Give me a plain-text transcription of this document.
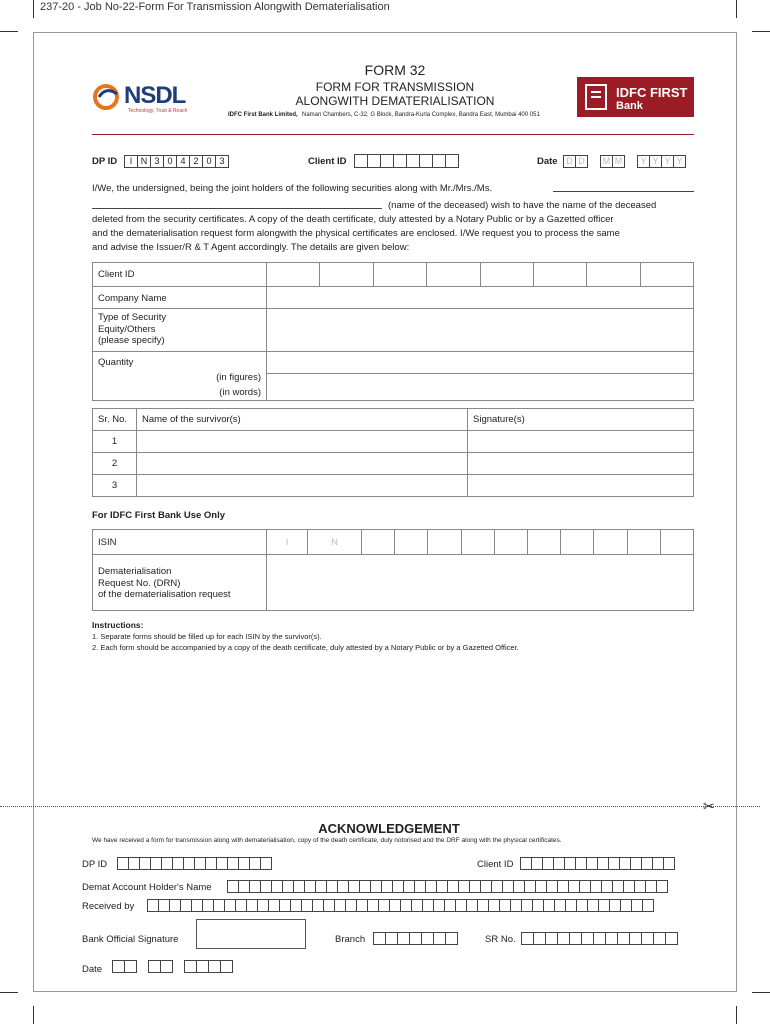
237-20 - Job No-22-Form For Transmission Alongwith Dematerialisation
NSDL
Technology, Trust & Reach
IDFC FIRST
Bank
FORM 32
FORM FOR TRANSMISSION
ALONGWITH DEMATERIALISATION
IDFC First Bank Limited, Naman Chambers, C-32, G Block, Bandra-Kurla Complex, Bandra East, Mumbai 400 051
DP ID	I N 3 0 4 2 0 3	Client ID	Date D D	M M	Y Y Y Y
I/We, the undersigned, being the joint holders of the following securities along with Mr./Mrs./Ms.
(name of the deceased) wish to have the name of the deceased
deleted from the security certificates. A copy of the death certificate, duly attested by a Notary Public or by a Gazetted officer
and the dematerialisation request form alongwith the physical certificates are enclosed. I/We request you to process the same
and advise the Issuer/R & T Agent accordingly. The details are given below:
Client ID								
Company Name								

Type of Security
Equity/Others
(please specify)								

Quantity
(in figures)
(in words)								

Sr. No.	Name of the survivor(s)	Signature(s)
1		
2		
3		
For IDFC First Bank Use Only
ISIN	I	N										

Dematerialisation
Request No. (DRN)
of the dematerialisation request												

Instructions:
1. Separate forms should be filled up for each ISIN by the survivor(s).
2. Each form should be accompanied by a copy of the death certificate, duly attested by a Notary Public or by a Gazetted Officer.
✂
ACKNOWLEDGEMENT
We have received a form for transmission along with dematerialisation, copy of the death certificate, duly notorised and the DRF along with the physical certificates.
DP ID	Client ID
Demat Account Holder's Name
Received by
Bank Official Signature	Branch	SR No.
Date
